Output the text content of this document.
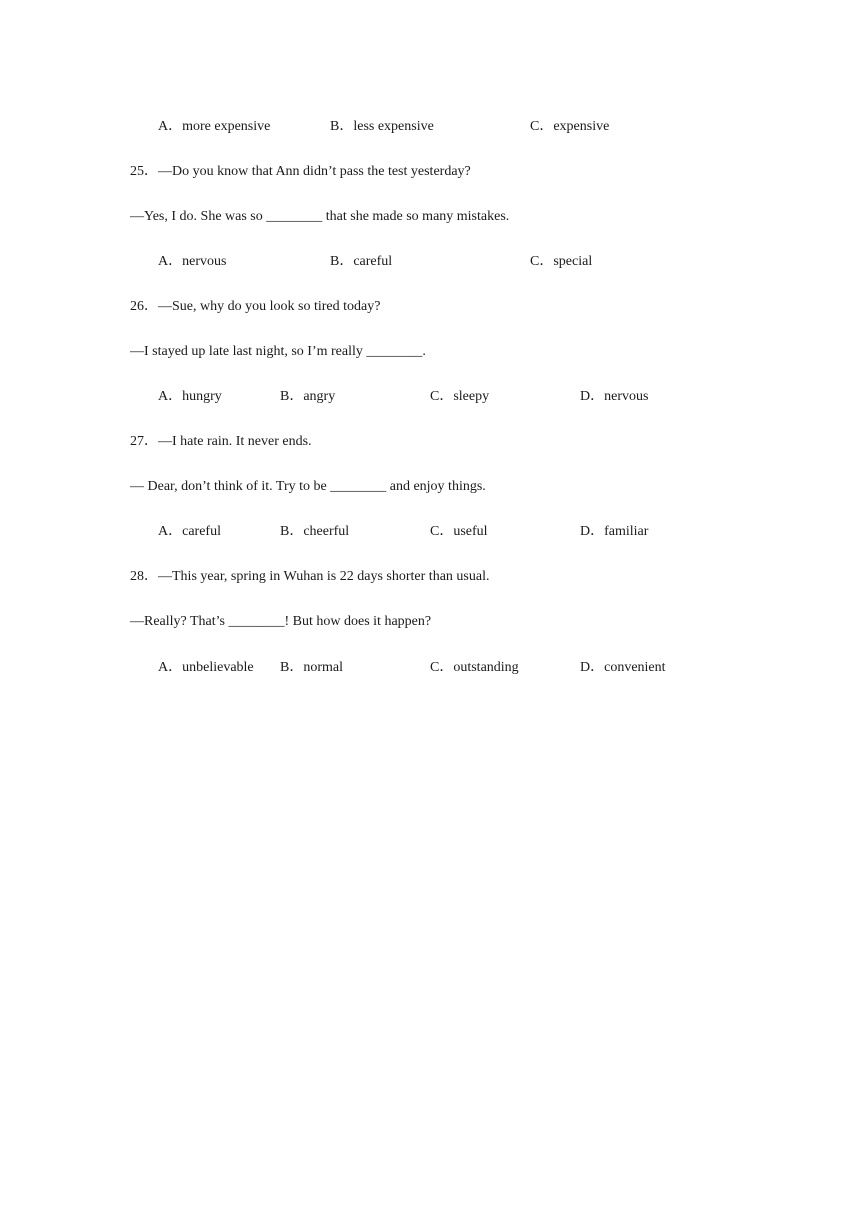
A．more expensive	B．less expensive	C．expensive
25．—Do you know that Ann didn’t pass the test yesterday?
—Yes, I do. She was so ________ that she made so many mistakes.
A．nervous	B．careful	C．special
26．—Sue, why do you look so tired today?
—I stayed up late last night, so I’m really ________.
A．hungry	B．angry	C．sleepy	D．nervous
27．—I hate rain. It never ends.
— Dear, don’t think of it. Try to be ________ and enjoy things.
A．careful	B．cheerful	C．useful	D．familiar
28．—This year, spring in Wuhan is 22 days shorter than usual.
—Really? That’s ________! But how does it happen?
A．unbelievable B．normal	C．outstanding	D．convenient
